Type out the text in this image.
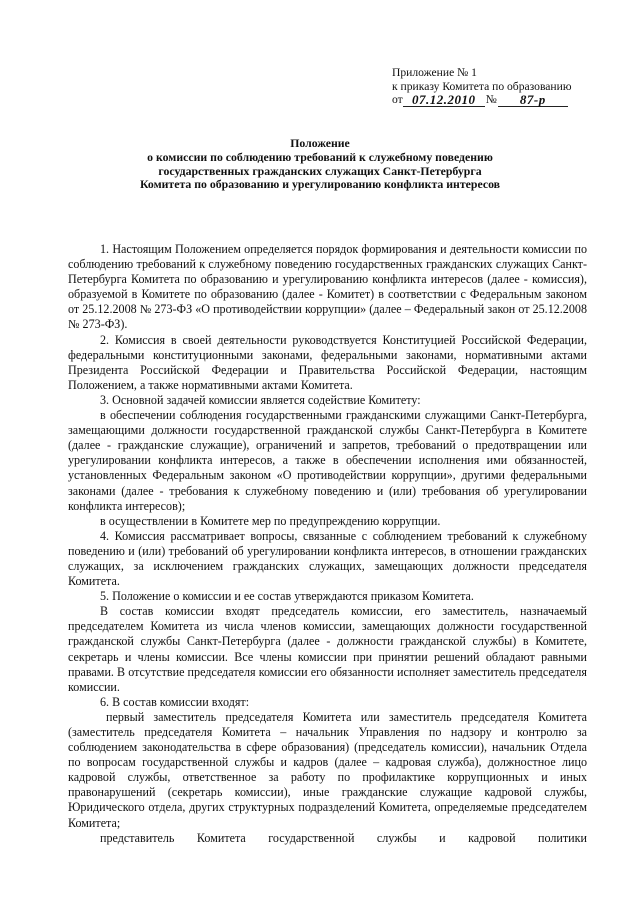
Приложение № 1
к приказу Комитета по образованию
от 07.12.2010 № 87-р
Положение
о комиссии по соблюдению требований к служебному поведению
государственных гражданских служащих Санкт-Петербурга
Комитета по образованию и урегулированию конфликта интересов

1. Настоящим Положением определяется порядок формирования и деятельности комиссии по соблюдению требований к служебному поведению государственных гражданских служащих Санкт-Петербурга Комитета по образованию и урегулированию конфликта интересов (далее - комиссия), образуемой в Комитете по образованию (далее - Комитет) в соответствии с Федеральным законом от 25.12.2008 № 273-ФЗ «О противодействии коррупции» (далее – Федеральный закон от 25.12.2008 № 273-ФЗ).

2. Комиссия в своей деятельности руководствуется Конституцией Российской Федерации, федеральными конституционными законами, федеральными законами, нормативными актами Президента Российской Федерации и Правительства Российской Федерации, настоящим Положением, а также нормативными актами Комитета.

3. Основной задачей комиссии является содействие Комитету:

в обеспечении соблюдения государственными гражданскими служащими Санкт-Петербурга, замещающими должности государственной гражданской службы Санкт-Петербурга в Комитете (далее - гражданские служащие), ограничений и запретов, требований о предотвращении или урегулировании конфликта интересов, а также в обеспечении исполнения ими обязанностей, установленных Федеральным законом «О противодействии коррупции», другими федеральными законами (далее - требования к служебному поведению и (или) требования об урегулировании конфликта интересов);

в осуществлении в Комитете мер по предупреждению коррупции.

4. Комиссия рассматривает вопросы, связанные с соблюдением требований к служебному поведению и (или) требований об урегулировании конфликта интересов, в отношении гражданских служащих, за исключением гражданских служащих, замещающих должности председателя Комитета.

5. Положение о комиссии и ее состав утверждаются приказом Комитета.

В состав комиссии входят председатель комиссии, его заместитель, назначаемый председателем Комитета из числа членов комиссии, замещающих должности государственной гражданской службы Санкт-Петербурга (далее - должности гражданской службы) в Комитете, секретарь и члены комиссии. Все члены комиссии при принятии решений обладают равными правами. В отсутствие председателя комиссии его обязанности исполняет заместитель председателя комиссии.

6. В состав комиссии входят:

первый заместитель председателя Комитета или заместитель председателя Комитета (заместитель председателя Комитета – начальник Управления по надзору и контролю за соблюдением законодательства в сфере образования) (председатель комиссии), начальник Отдела по вопросам государственной службы и кадров (далее – кадровая служба), должностное лицо кадровой службы, ответственное за работу по профилактике коррупционных и иных правонарушений (секретарь комиссии), иные гражданские служащие кадровой службы, Юридического отдела, других структурных подразделений Комитета, определяемые председателем Комитета;

представитель Комитета государственной службы и кадровой политики
